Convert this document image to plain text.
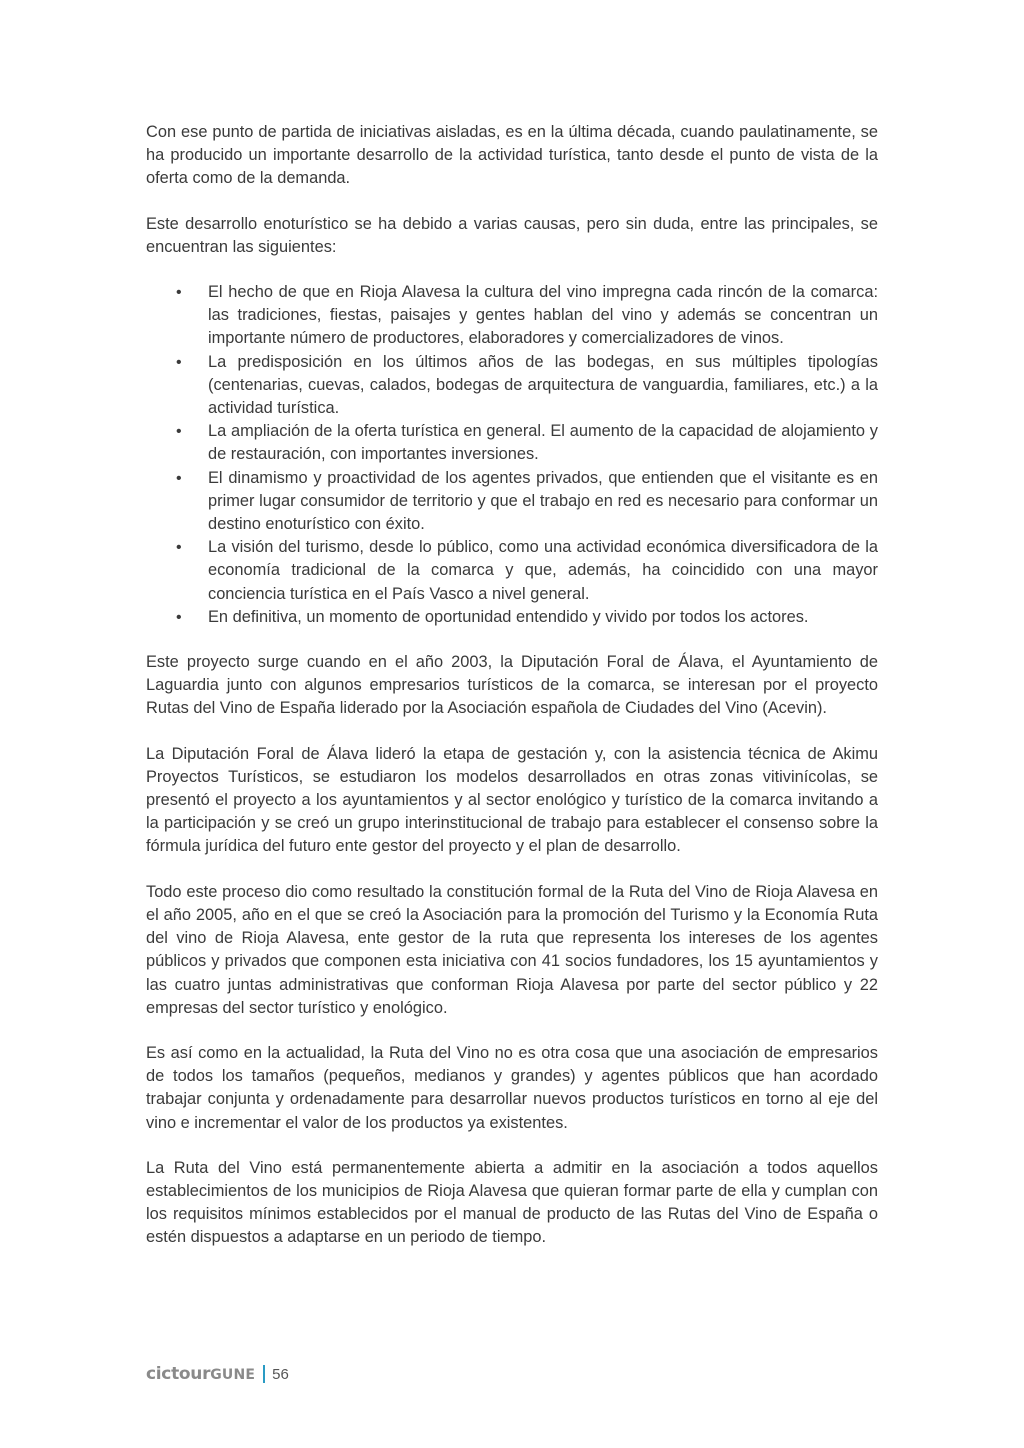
Con ese punto de partida de iniciativas aisladas, es en la última década, cuando paulatinamente, se ha producido un importante desarrollo de la actividad turística, tanto desde el punto de vista de la oferta como de la demanda.

Este desarrollo enoturístico se ha debido a varias causas, pero sin duda, entre las principales, se encuentran las siguientes:

• El hecho de que en Rioja Alavesa la cultura del vino impregna cada rincón de la comarca: las tradiciones, fiestas, paisajes y gentes hablan del vino y además se concentran un importante número de productores, elaboradores y comercializadores de vinos.
• La predisposición en los últimos años de las bodegas, en sus múltiples tipologías (centenarias, cuevas, calados, bodegas de arquitectura de vanguardia, familiares, etc.) a la actividad turística.
• La ampliación de la oferta turística en general. El aumento de la capacidad de alojamiento y de restauración, con importantes inversiones.
• El dinamismo y proactividad de los agentes privados, que entienden que el visitante es en primer lugar consumidor de territorio y que el trabajo en red es necesario para conformar un destino enoturístico con éxito.
• La visión del turismo, desde lo público, como una actividad económica diversificadora de la economía tradicional de la comarca y que, además, ha coincidido con una mayor conciencia turística en el País Vasco a nivel general.
• En definitiva, un momento de oportunidad entendido y vivido por todos los actores.

Este proyecto surge cuando en el año 2003, la Diputación Foral de Álava, el Ayuntamiento de Laguardia junto con algunos empresarios turísticos de la comarca, se interesan por el proyecto Rutas del Vino de España liderado por la Asociación española de Ciudades del Vino (Acevin).

La Diputación Foral de Álava lideró la etapa de gestación y, con la asistencia técnica de Akimu Proyectos Turísticos, se estudiaron los modelos desarrollados en otras zonas vitivinícolas, se presentó el proyecto a los ayuntamientos y al sector enológico y turístico de la comarca invitando a la participación y se creó un grupo interinstitucional de trabajo para establecer el consenso sobre la fórmula jurídica del futuro ente gestor del proyecto y el plan de desarrollo.

Todo este proceso dio como resultado la constitución formal de la Ruta del Vino de Rioja Alavesa en el año 2005, año en el que se creó la Asociación para la promoción del Turismo y la Economía Ruta del vino de Rioja Alavesa, ente gestor de la ruta que representa los intereses de los agentes públicos y privados que componen esta iniciativa con 41 socios fundadores, los 15 ayuntamientos y las cuatro juntas administrativas que conforman Rioja Alavesa por parte del sector público y 22 empresas del sector turístico y enológico.

Es así como en la actualidad, la Ruta del Vino no es otra cosa que una asociación de empresarios de todos los tamaños (pequeños, medianos y grandes) y agentes públicos que han acordado trabajar conjunta y ordenadamente para desarrollar nuevos productos turísticos en torno al eje del vino e incrementar el valor de los productos ya existentes.

La Ruta del Vino está permanentemente abierta a admitir en la asociación a todos aquellos establecimientos de los municipios de Rioja Alavesa que quieran formar parte de ella y cumplan con los requisitos mínimos establecidos por el manual de producto de las Rutas del Vino de España o estén dispuestos a adaptarse en un periodo de tiempo.

cictourGUNE 56
